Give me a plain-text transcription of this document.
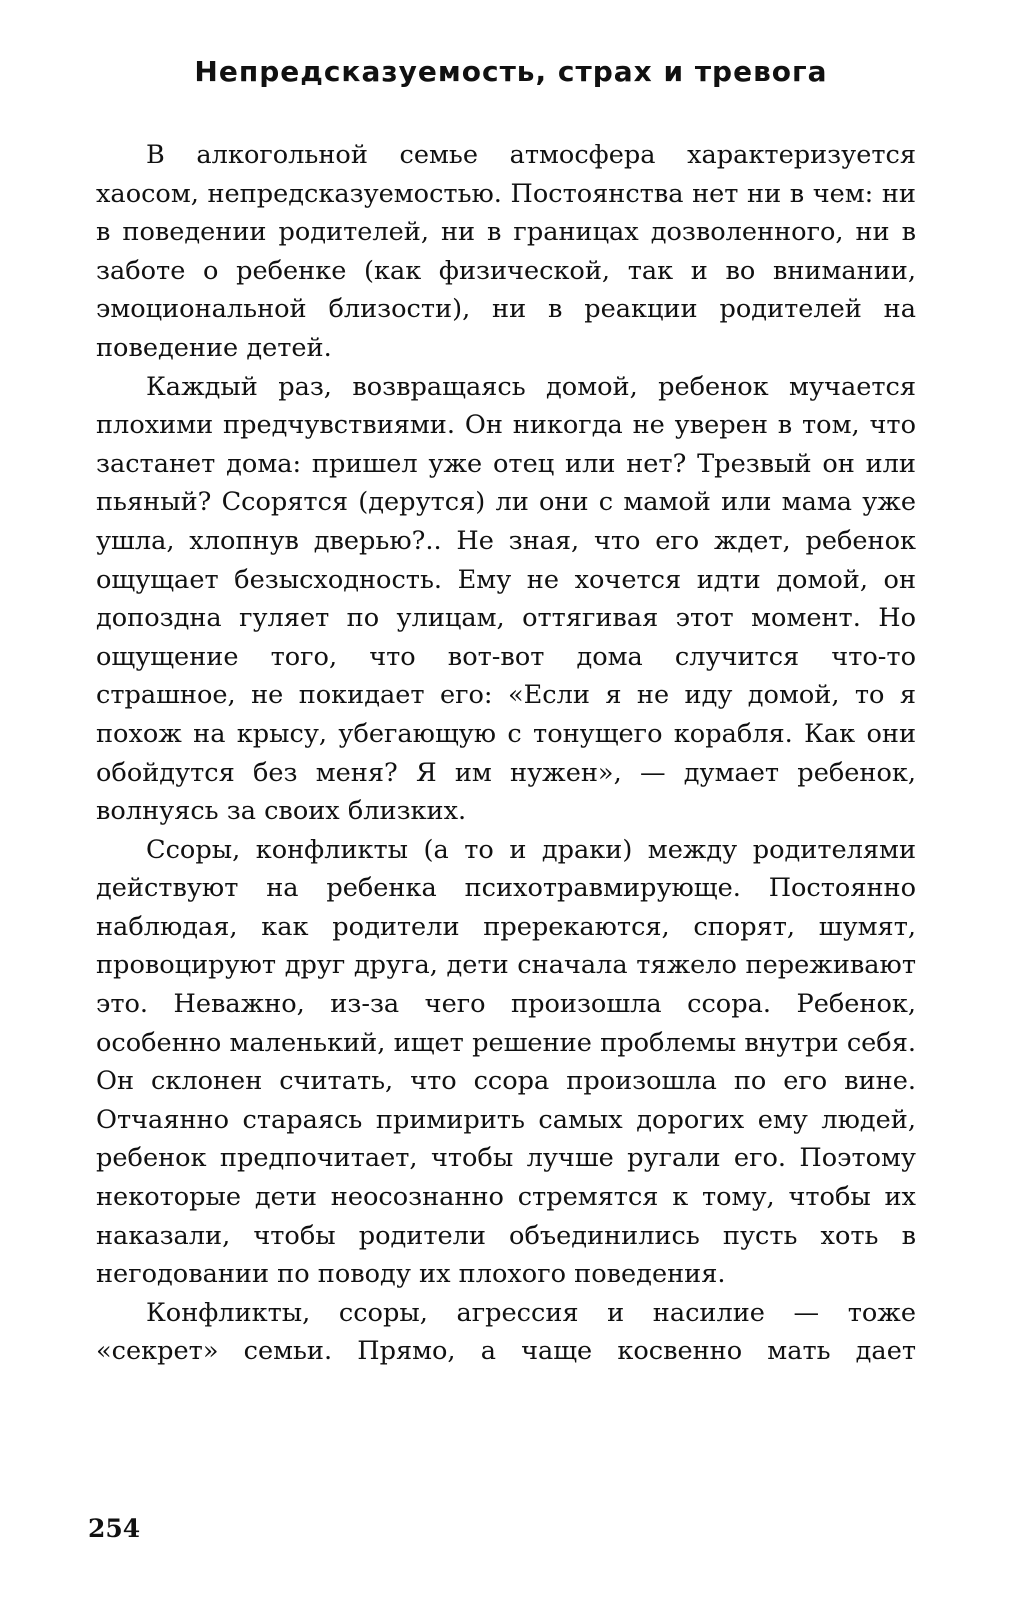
Непредсказуемость, страх и тревога

В алкогольной семье атмосфера характеризуется хаосом, непредсказуемостью. Постоянства нет ни в чем: ни в поведении родителей, ни в границах дозволенного, ни в заботе о ребенке (как физической, так и во внимании, эмоциональной близости), ни в реакции родителей на поведение детей.

Каждый раз, возвращаясь домой, ребенок мучается плохими предчувствиями. Он никогда не уверен в том, что застанет дома: пришел уже отец или нет? Трезвый он или пьяный? Ссорятся (дерутся) ли они с мамой или мама уже ушла, хлопнув дверью?.. Не зная, что его ждет, ребенок ощущает безысходность. Ему не хочется идти домой, он допоздна гуляет по улицам, оттягивая этот момент. Но ощущение того, что вот-вот дома случится что-то страшное, не покидает его: «Если я не иду домой, то я похож на крысу, убегающую с тонущего корабля. Как они обойдутся без меня? Я им нужен», — думает ребенок, волнуясь за своих близких.

Ссоры, конфликты (а то и драки) между родителями действуют на ребенка психотравмирующе. Постоянно наблюдая, как родители пререкаются, спорят, шумят, провоцируют друг друга, дети сначала тяжело переживают это. Неважно, из-за чего произошла ссора. Ребенок, особенно маленький, ищет решение проблемы внутри себя. Он склонен считать, что ссора произошла по его вине. Отчаянно стараясь примирить самых дорогих ему людей, ребенок предпочитает, чтобы лучше ругали его. Поэтому некоторые дети неосознанно стремятся к тому, чтобы их наказали, чтобы родители объединились пусть хоть в негодовании по поводу их плохого поведения.

Конфликты, ссоры, агрессия и насилие — тоже «секрет» семьи. Прямо, а чаще косвенно мать дает

254
